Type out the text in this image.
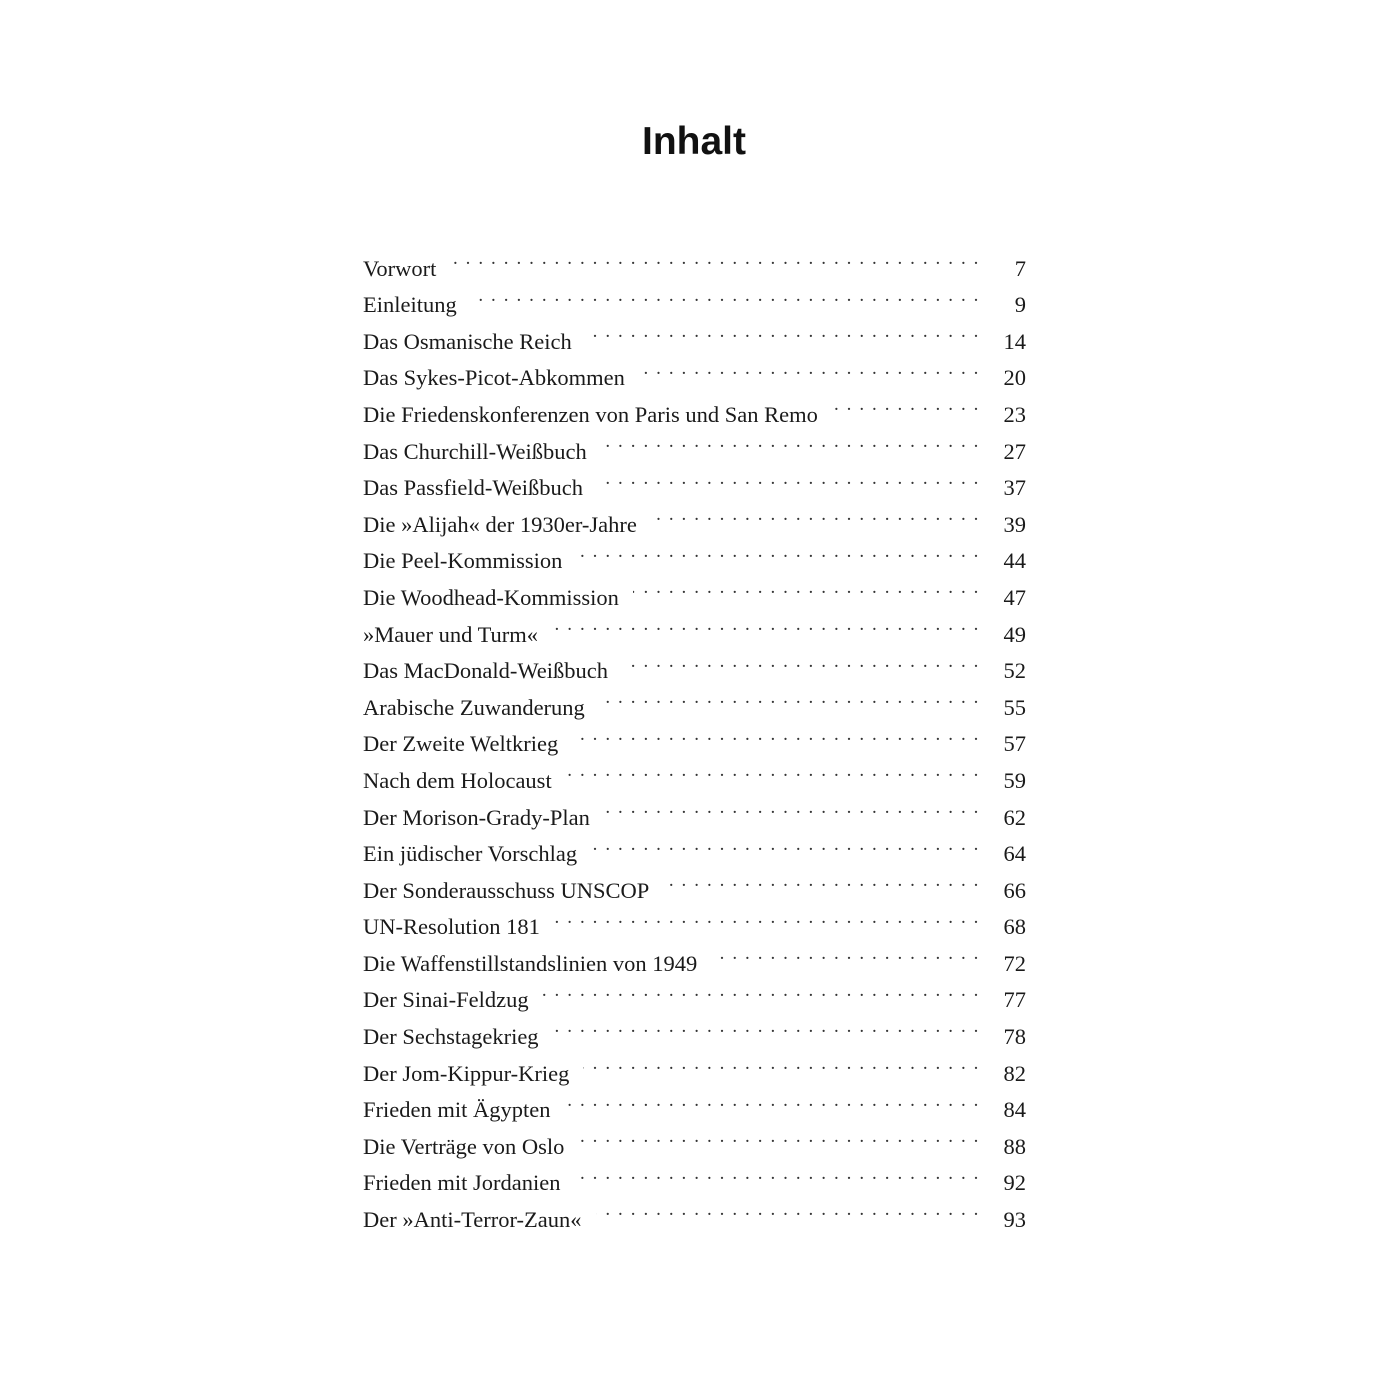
Inhalt
Vorwort . . .	7
Einleitung . . .	9
Das Osmanische Reich . . .	14
Das Sykes-Picot-Abkommen . . .	20
Die Friedenskonferenzen von Paris und San Remo . . .	23
Das Churchill-Weißbuch . . .	27
Das Passfield-Weißbuch . . .	37
Die »Alijah« der 1930er-Jahre . . .	39
Die Peel-Kommission . . .	44
Die Woodhead-Kommission . . .	47
»Mauer und Turm« . . .	49
Das MacDonald-Weißbuch . . .	52
Arabische Zuwanderung . . .	55
Der Zweite Weltkrieg . . .	57
Nach dem Holocaust . . .	59
Der Morison-Grady-Plan . . .	62
Ein jüdischer Vorschlag . . .	64
Der Sonderausschuss UNSCOP . . .	66
UN-Resolution 181 . . .	68
Die Waffenstillstandslinien von 1949 . . .	72
Der Sinai-Feldzug . . .	77
Der Sechstagekrieg . . .	78
Der Jom-Kippur-Krieg . . .	82
Frieden mit Ägypten . . .	84
Die Verträge von Oslo . . .	88
Frieden mit Jordanien . . .	92
Der »Anti-Terror-Zaun« . . .	93
